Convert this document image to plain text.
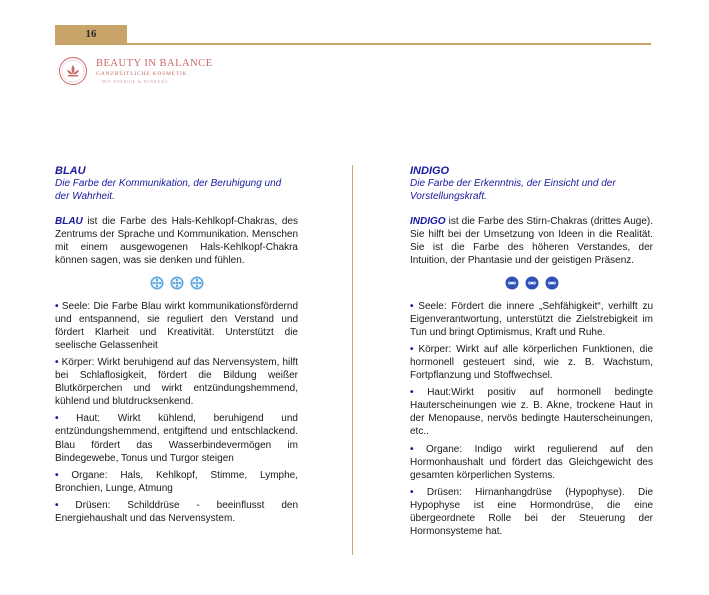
16
BEAUTY IN BALANCE
GANZHEITLICHE KOSMETIK
MIT ENERGIE & WIRKUNG
BLAU
Die Farbe der Kommunikation, der Beruhigung und der Wahrheit.
BLAU ist die Farbe des Hals-Kehlkopf-Chakras, des Zentrums der Sprache und Kommunikation. Menschen mit einem ausgewogenen Hals-Kehlkopf-Chakra können sagen, was sie denken und fühlen.
• Seele: Die Farbe Blau wirkt kommunikationsfördernd und entspannend, sie reguliert den Verstand und fördert Klarheit und Kreativität. Unterstützt die seelische Gelassenheit
• Körper: Wirkt beruhigend auf das Nervensystem, hilft bei Schlaflosigkeit, fördert die Bildung weißer Blutkörperchen und wirkt entzündungshemmend, kühlend und blutdrucksenkend.
• Haut: Wirkt kühlend, beruhigend und entzündungshemmend, entgiftend und entschlackend. Blau fördert das Wasserbindevermögen im Bindegewebe, Tonus und Turgor steigen
• Organe: Hals, Kehlkopf, Stimme, Lymphe, Bronchien, Lunge, Atmung
• Drüsen: Schilddrüse - beeinflusst den Energiehaushalt und das Nervensystem.
INDIGO
Die Farbe der Erkenntnis, der Einsicht und der Vorstellungskraft.
INDIGO ist die Farbe des Stirn-Chakras (drittes Auge). Sie hilft bei der Umsetzung von Ideen in die Realität. Sie ist die Farbe des höheren Verstandes, der Intuition, der Phantasie und der geistigen Präsenz.
• Seele: Fördert die innere „Sehfähigkeit“, verhilft zu Eigenverantwortung, unterstützt die Zielstrebigkeit im Tun und bringt Optimismus, Kraft und Ruhe.
• Körper: Wirkt auf alle körperlichen Funktionen, die hormonell gesteuert sind, wie z. B. Wachstum, Fortpflanzung und Stoffwechsel.
• Haut:Wirkt positiv auf hormonell bedingte Hauterscheinungen wie z. B. Akne, trockene Haut in der Menopause, nervös bedingte Hauterscheinungen, etc..
• Organe: Indigo wirkt regulierend auf den Hormonhaushalt und fördert das Gleichgewicht des gesamten körperlichen Systems.
• Drüsen: Hirnanhangdrüse (Hypophyse). Die Hypophyse ist eine Hormondrüse, die eine übergeordnete Rolle bei der Steuerung der Hormonsysteme hat.
